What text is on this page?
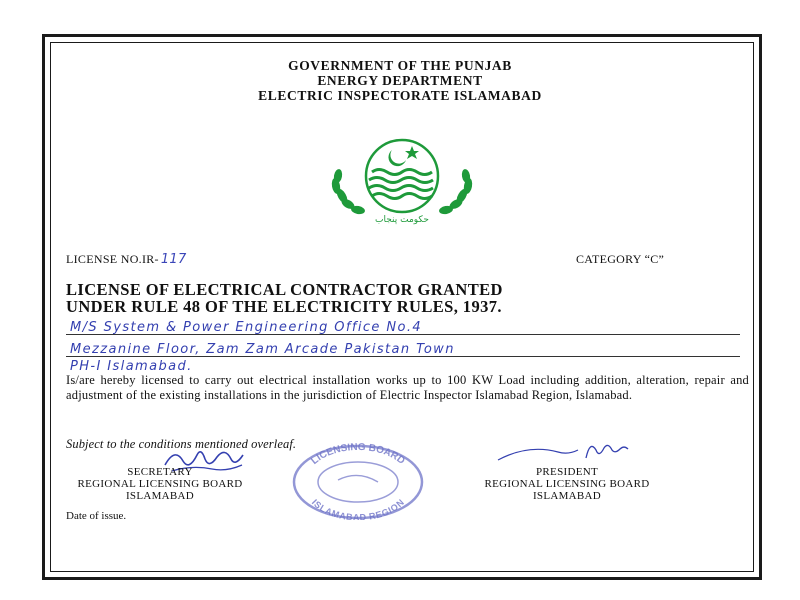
GOVERNMENT OF THE PUNJAB
ENERGY DEPARTMENT
ELECTRIC INSPECTORATE ISLAMABAD
حکومت پنجاب
LICENSE NO.IR- 117	CATEGORY “C”
LICENSE OF ELECTRICAL CONTRACTOR GRANTED
UNDER RULE 48 OF THE ELECTRICITY RULES, 1937.
M/S System & Power Engineering Office No.4
Mezzanine Floor, Zam Zam Arcade Pakistan Town
PH-I Islamabad.
Is/are hereby licensed to carry out electrical installation works up to 100 KW Load including addition, alteration, repair and adjustment of the existing installations in the jurisdiction of Electric Inspector Islamabad Region, Islamabad.
Subject to the conditions mentioned overleaf.
SECRETARY
REGIONAL LICENSING BOARD
ISLAMABAD
PRESIDENT
REGIONAL LICENSING BOARD
ISLAMABAD
LICENSING BOARD
ISLAMABAD REGION
Date of issue.
